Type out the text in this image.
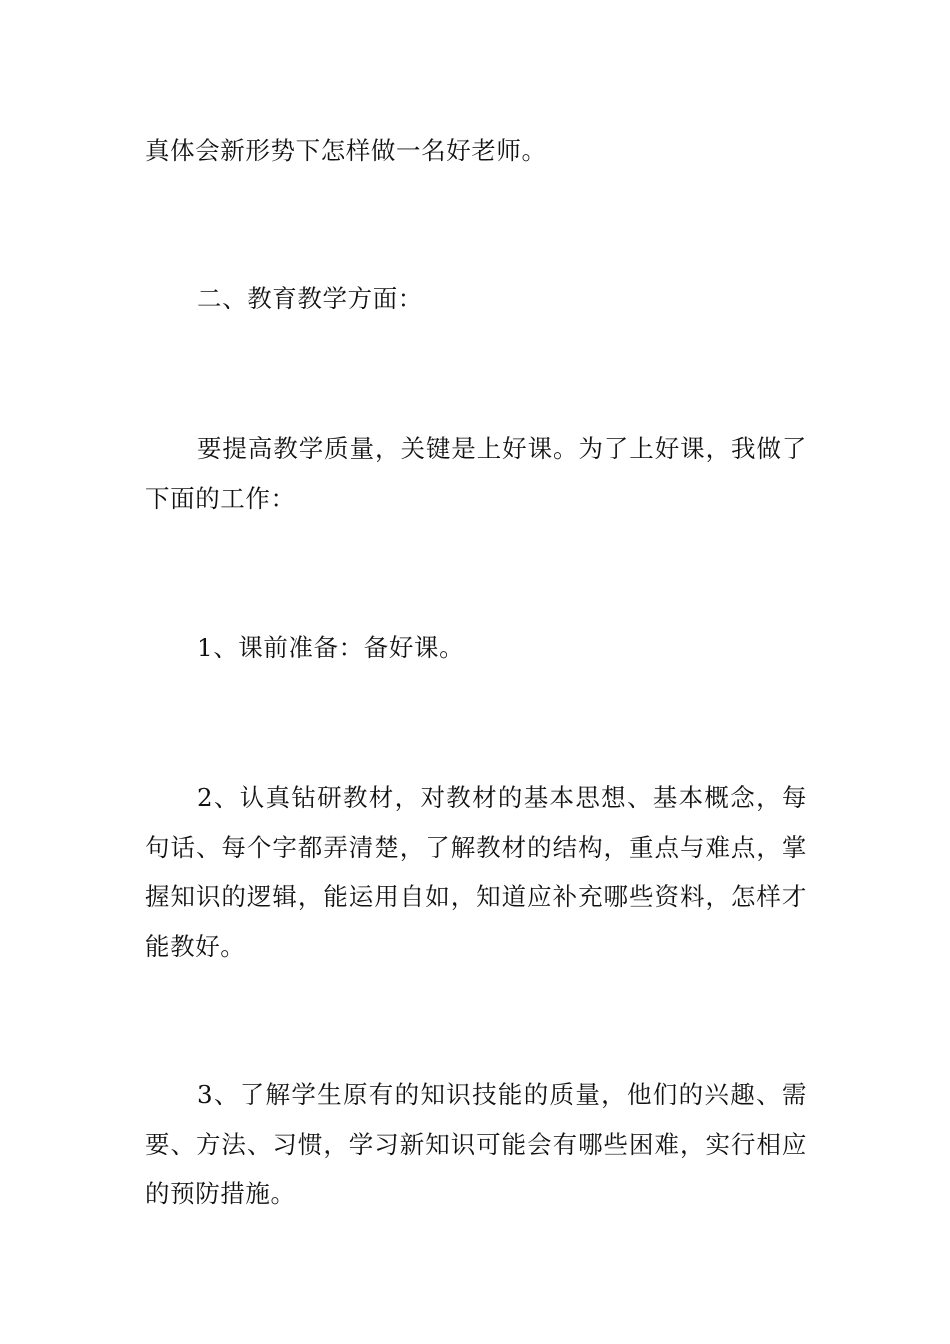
真体会新形势下怎样做一名好老师。

二、教育教学方面：

要提高教学质量，关键是上好课。为了上好课，我做了下面的工作：

1、课前准备：备好课。

2、认真钻研教材，对教材的基本思想、基本概念，每句话、每个字都弄清楚，了解教材的结构，重点与难点，掌握知识的逻辑，能运用自如，知道应补充哪些资料，怎样才能教好。

3、了解学生原有的知识技能的质量，他们的兴趣、需要、方法、习惯，学习新知识可能会有哪些困难，实行相应的预防措施。
